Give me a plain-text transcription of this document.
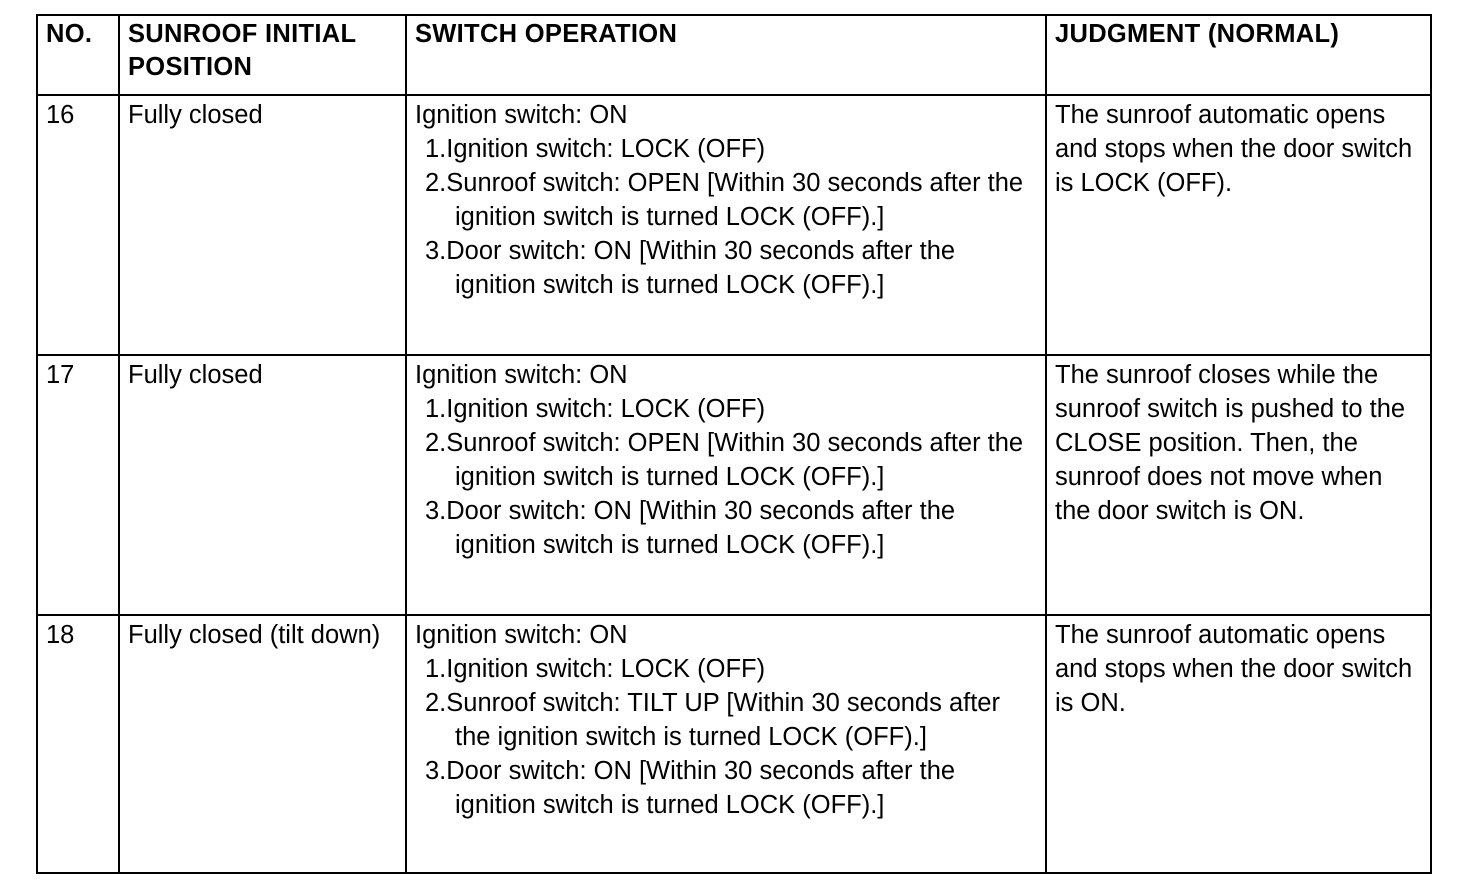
NO.	SUNROOF INITIAL POSITION	SWITCH OPERATION	JUDGMENT (NORMAL)
16	Fully closed	Ignition switch: ON
1.Ignition switch: LOCK (OFF)
2.Sunroof switch: OPEN [Within 30 seconds after the ignition switch is turned LOCK (OFF).]
3.Door switch: ON [Within 30 seconds after the ignition switch is turned LOCK (OFF).]	The sunroof automatic opens and stops when the door switch is LOCK (OFF).
17	Fully closed	Ignition switch: ON
1.Ignition switch: LOCK (OFF)
2.Sunroof switch: OPEN [Within 30 seconds after the ignition switch is turned LOCK (OFF).]
3.Door switch: ON [Within 30 seconds after the ignition switch is turned LOCK (OFF).]	The sunroof closes while the sunroof switch is pushed to the CLOSE position. Then, the sunroof does not move when the door switch is ON.
18	Fully closed (tilt down)	Ignition switch: ON
1.Ignition switch: LOCK (OFF)
2.Sunroof switch: TILT UP [Within 30 seconds after the ignition switch is turned LOCK (OFF).]
3.Door switch: ON [Within 30 seconds after the ignition switch is turned LOCK (OFF).]	The sunroof automatic opens and stops when the door switch is ON.
